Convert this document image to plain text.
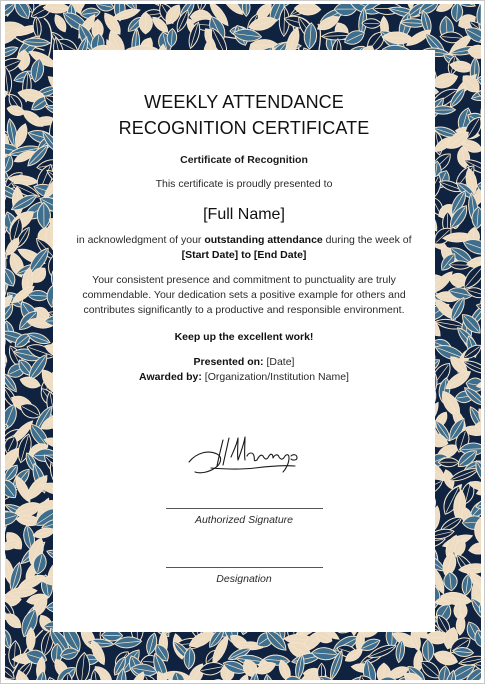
WEEKLY ATTENDANCE RECOGNITION CERTIFICATE
Certificate of Recognition
This certificate is proudly presented to
[Full Name]
in acknowledgment of your outstanding attendance during the week of
[Start Date] to [End Date]
Your consistent presence and commitment to punctuality are truly commendable. Your dedication sets a positive example for others and contributes significantly to a productive and responsible environment.
Keep up the excellent work!
Presented on: [Date]
Awarded by: [Organization/Institution Name]
Authorized Signature
Designation
